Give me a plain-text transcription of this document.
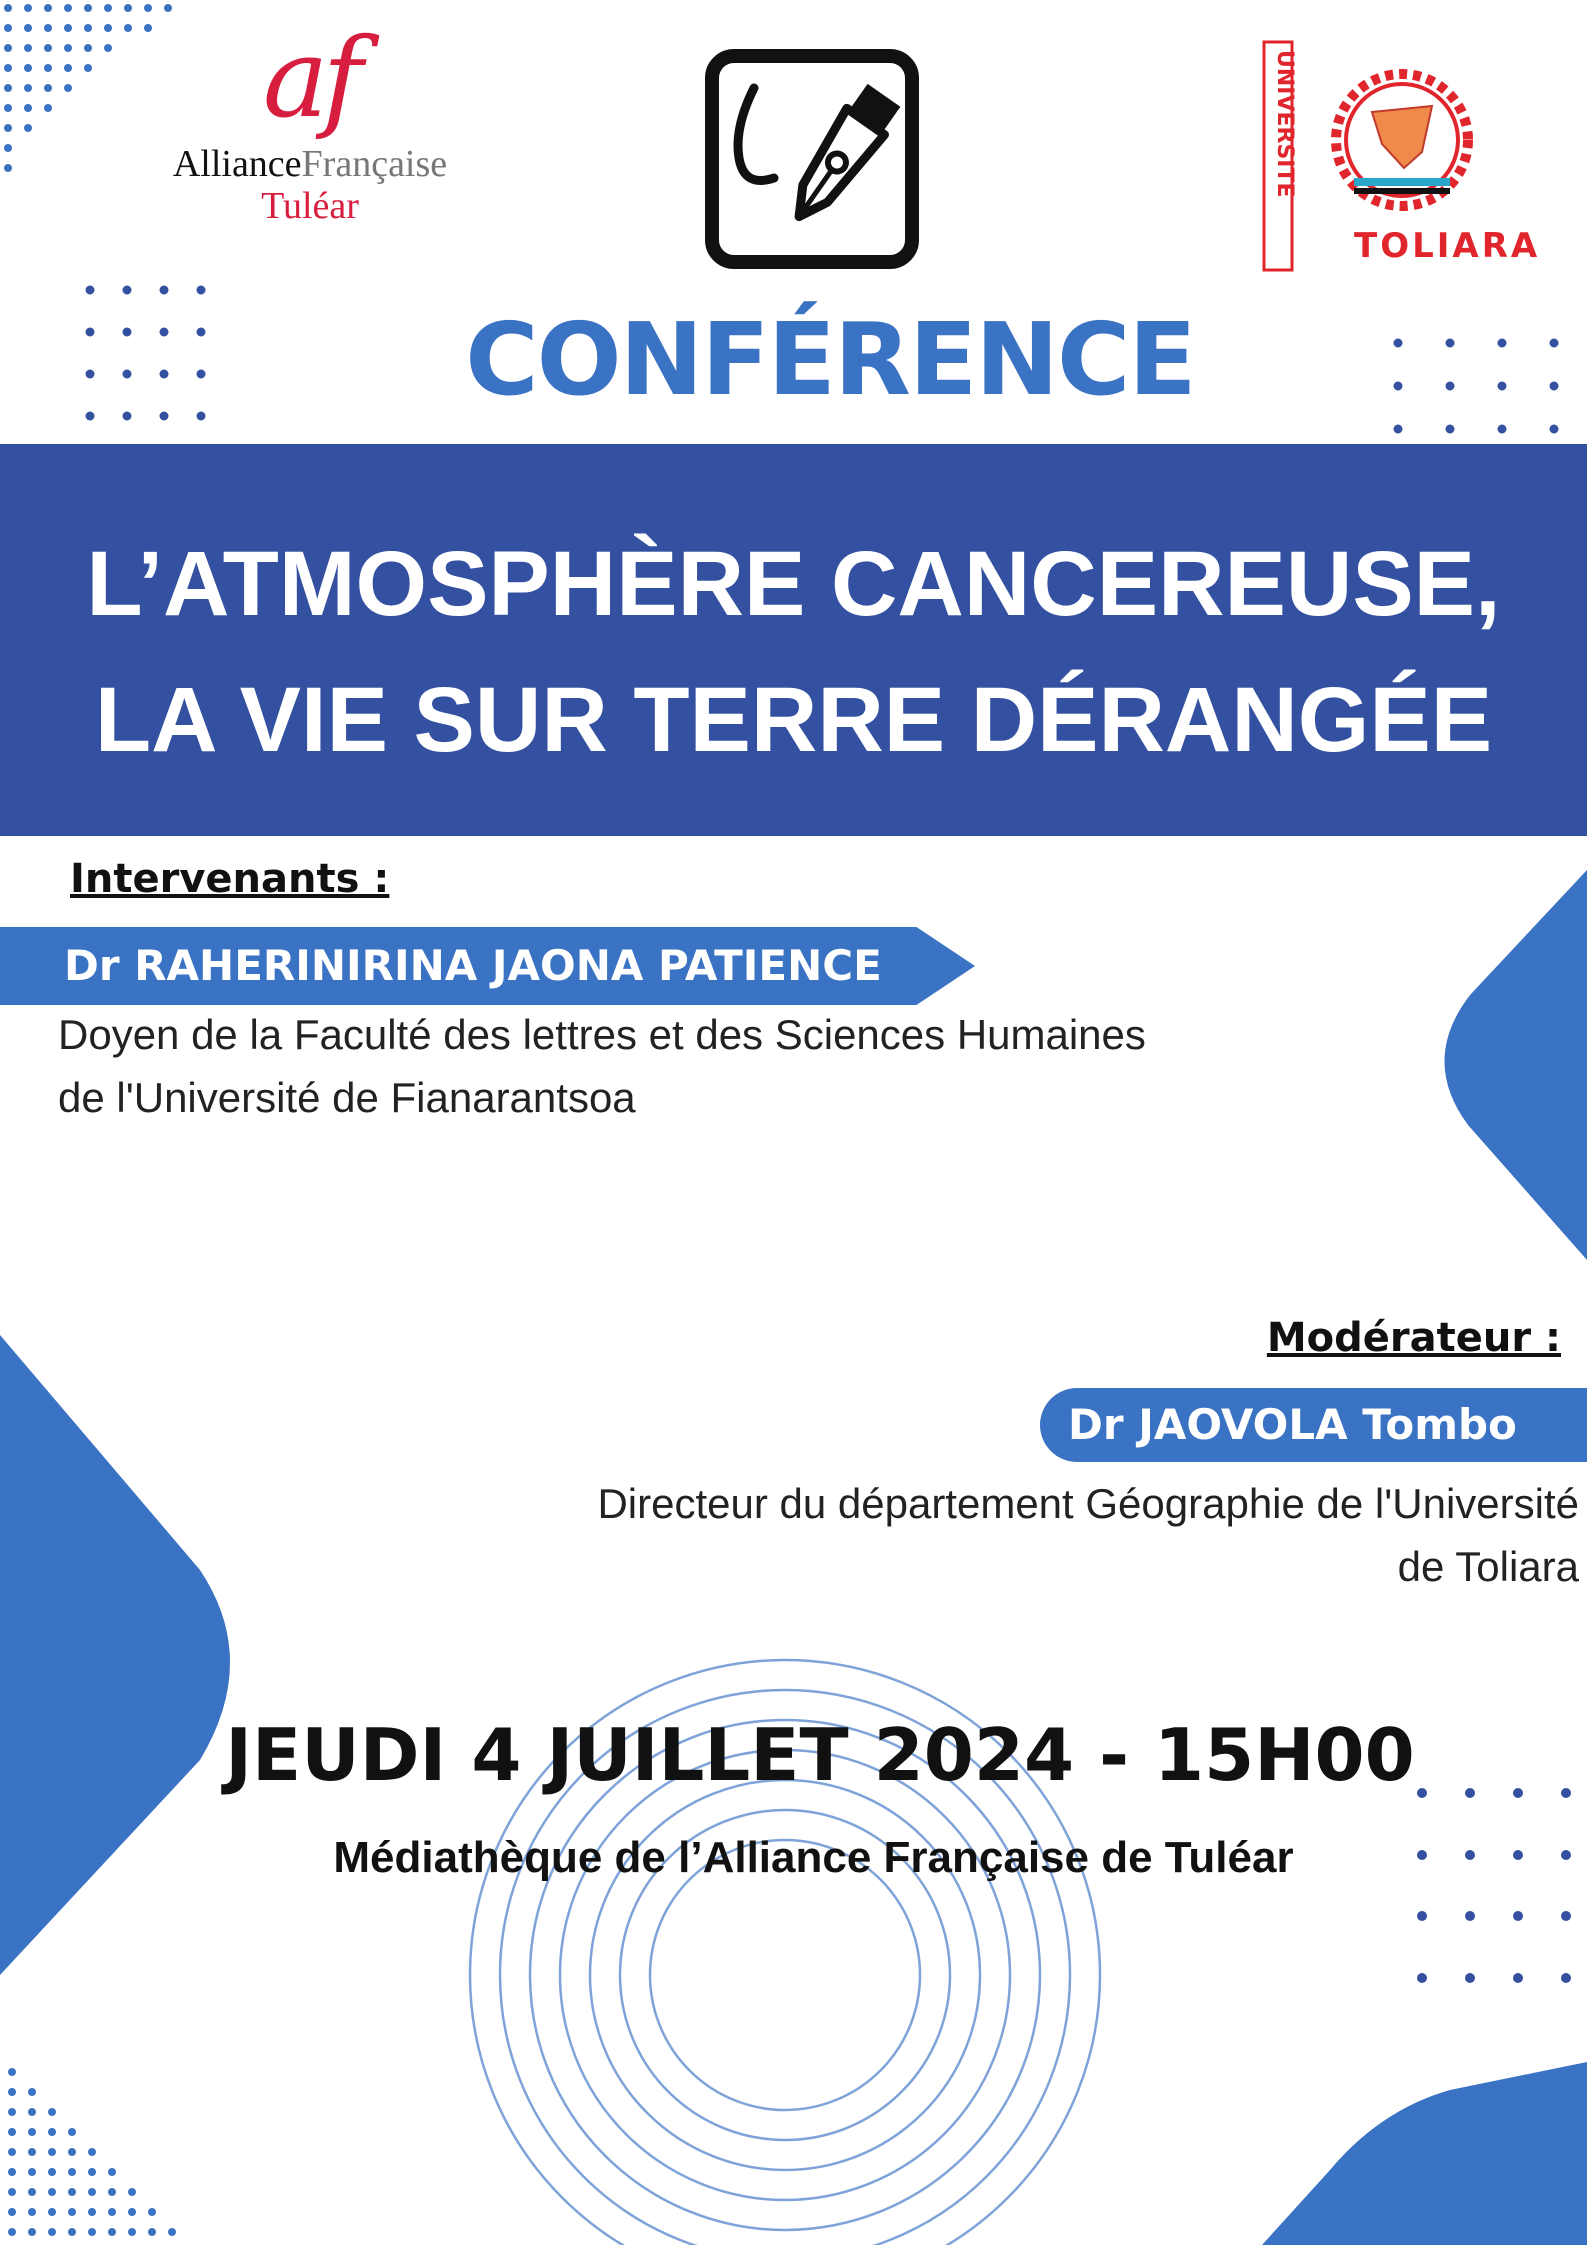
af
AllianceFrançaise
Tuléar
UNIVERSITE
TOLIARA
CONFÉRENCE
L’ATMOSPHÈRE CANCEREUSE,
LA VIE SUR TERRE DÉRANGÉE
Intervenants :
Dr RAHERINIRINA JAONA PATIENCE
Doyen de la Faculté des lettres et des Sciences Humaines
de l'Université de Fianarantsoa
Modérateur :
Dr JAOVOLA Tombo
Directeur du département Géographie de l'Université
de Toliara
JEUDI 4 JUILLET 2024 - 15H00
Médiathèque de l’Alliance Française de Tuléar
